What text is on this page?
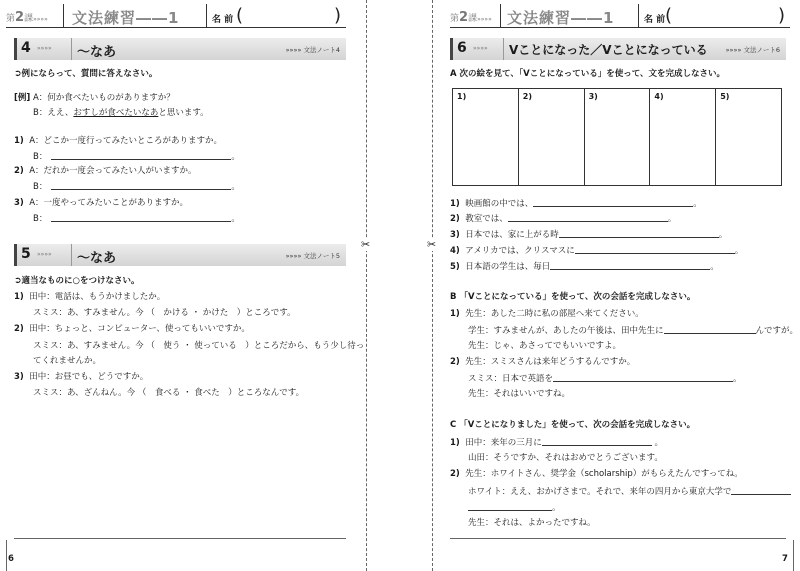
第2課»»»» 文法練習――1	名 前 (	)
4 »»»» 〜なあ	»»»» 文法ノート4
➲例にならって、質問に答えなさい。
[例] A：何か食べたいものがありますか？
B：ええ、おすしが食べたいなあと思います。
1) A：どこか一度行ってみたいところがありますか。
B：	。
2) A：だれか一度会ってみたい人がいますか。
B：	。
3) A：一度やってみたいことがありますか。
B：	。
5 »»»» 〜なあ	»»»» 文法ノート5
➲適当なものに○をつけなさい。
1) 田中：電話は、もうかけましたか。
スミス：あ、すみません。今 （　かける ・ かけた　）ところです。
2) 田中：ちょっと、コンピューター、使ってもいいですか。
スミス：あ、すみません。今 （　使う ・ 使っている　）ところだから、もう少し待っ
てくれませんか。
3) 田中：お昼でも、どうですか。
スミス：あ、ざんねん。今 （　食べる ・ 食べた　）ところなんです。
6
✂	✂
第2課»»»» 文法練習――1	名 前 (	)
6 »»»» Vことになった／Vことになっている	»»»» 文法ノート6
A 次の絵を見て、「Vことになっている」を使って、文を完成しなさい。
1)	2)	3)	4)	5)
1) 映画館の中では、	。
2) 教室では、	。
3) 日本では、家に上がる時	。
4) アメリカでは、クリスマスに	。
5) 日本語の学生は、毎日	。
B 「Vことになっている」を使って、次の会話を完成しなさい。
1) 先生：あした二時に私の部屋へ来てください。
学生：すみませんが、あしたの午後は、田中先生に	んですが。
先生：じゃ、あさってでもいいですよ。
2) 先生：スミスさんは来年どうするんですか。
スミス：日本で英語を	。
先生：それはいいですね。
C 「Vことになりました」を使って、次の会話を完成しなさい。
1) 田中：来年の三月に	。
山田：そうですか、それはおめでとうございます。
2) 先生：ホワイトさん、奨学金（scholarship）がもらえたんですってね。
ホワイト：ええ、おかげさまで。それで、来年の四月から東京大学で
。
先生：それは、よかったですね。
7
